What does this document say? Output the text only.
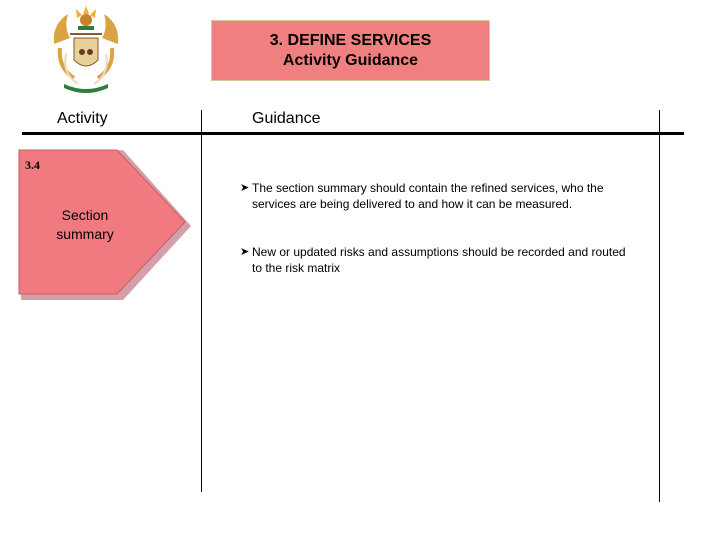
3. DEFINE SERVICES
Activity Guidance
Activity	Guidance
3.4
Section
summary
➤ The section summary should contain the refined services, who the services are being delivered to and how it can be measured.
➤ New or updated risks and assumptions should be recorded and routed to the risk matrix
